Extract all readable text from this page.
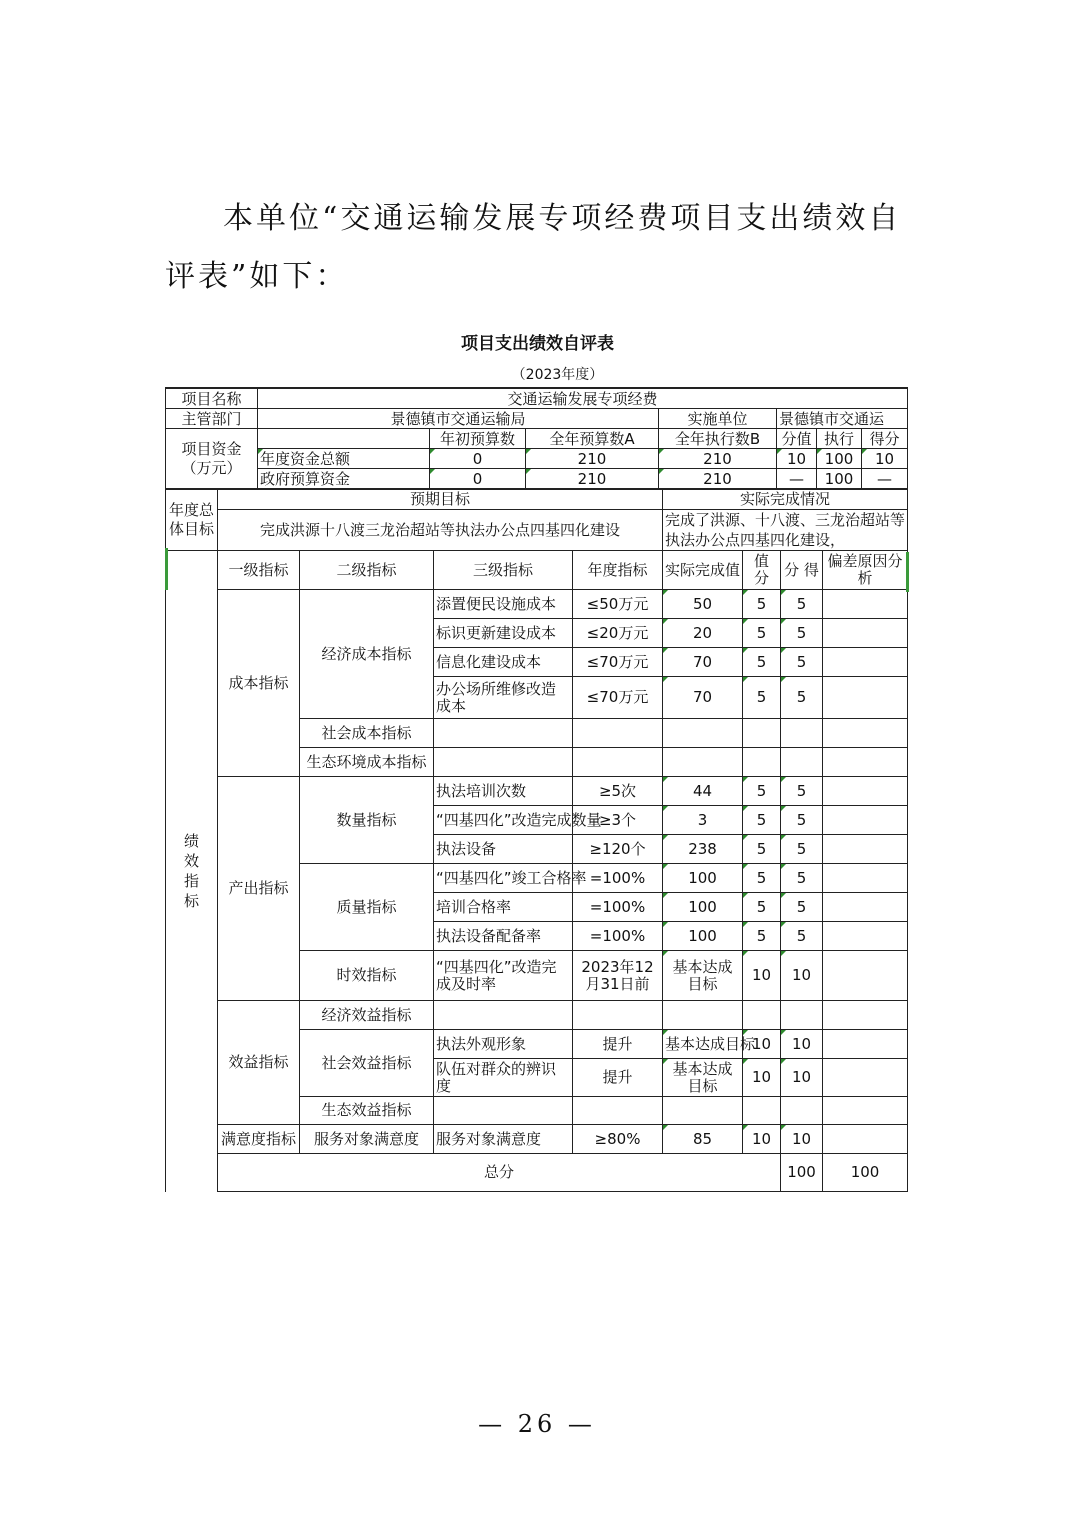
本单位“交通运输发展专项经费项目支出绩效自评表”如下：

项目支出绩效自评表
（2023年度）
项目名称	交通运输发展专项经费						
主管部门	景德镇市交通运输局			实施单位	景德镇市交通运		
项目资金（万元）		年初预算数	全年预算数A	全年执行数B	分值	执行	得分
	年度资金总额	0	210	210	10	100	10
	政府预算资金	0	210	210	—	100	—
年度总体目标	预期目标				实际完成情况				
	完成洪源十八渡三龙治超站等执法办公点四基四化建设				完成了洪源、十八渡、三龙治超站等执法办公点四基四化建设，				

绩效指标	一级指标	二级指标	三级指标	年度指标	实际完成值	值 分	分 得	偏差原因分析	
	成本指标	经济成本指标	添置便民设施成本	≤50万元	50	5	5		
			标识更新建设成本	≤20万元	20	5	5		
			信息化建设成本	≤70万元	70	5	5		
			办公场所维修改造成本	≤70万元	70	5	5		
		社会成本指标							
		生态环境成本指标							
	产出指标	数量指标	执法培训次数	≥5次	44	5	5		
			“四基四化”改造完成数量	≥3个	3	5	5		
			执法设备	≥120个	238	5	5		
		质量指标	“四基四化”竣工合格率	=100%	100	5	5		
			培训合格率	=100%	100	5	5		
			执法设备配备率	=100%	100	5	5		
		时效指标	“四基四化”改造完成及时率	2023年12月31日前	基本达成目标	10	10		
	效益指标	经济效益指标							
		社会效益指标	执法外观形象	提升	基本达成目标	10	10		
			队伍对群众的辨识度	提升	基本达成目标	10	10		
		生态效益指标							
	满意度指标	服务对象满意度	服务对象满意度	≥80%	85	10	10		
	总分						100	100	
— 26 —
